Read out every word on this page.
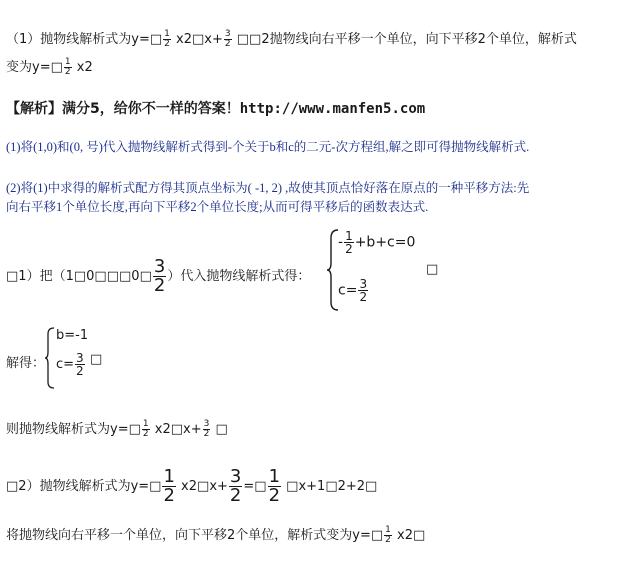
（1）抛物线解析式为y=□ $\frac{1}{2}$ x2□x+ $\frac{3}{2}$ □□2抛物线向右平移一个单位，向下平移2个单位，解析式
变为y=□ $\frac{1}{2} x2$
【解析】满分5，给你不一样的答案！http://www.manfen5.com
(1)将(1,0)和(0, 号)代入抛物线解析式得到-个关于b和c的二元-次方程组,解之即可得抛物线解析式.
(2)将(1)中求得的解析式配方得其顶点坐标为( -1, 2) ,故使其顶点恰好落在原点的一种平移方法:先
向右平移1个单位长度,再向下平移2个单位长度;从而可得平移后的函数表达式.
□1）把（1□0□□□0□ $\frac{3}{2}$ ）代入抛物线解析式得：
- $\frac{1}{2} +b+c=0$
$c= \frac{3}{2}$
□
解得：
b=-1
$c= \frac{3}{2}$ □
则抛物线解析式为y=□ $\frac{1}{2}$ x2□x+ $\frac{3}{2}$ □
□2）抛物线解析式为y=□ $\frac{1}{2}$ x2□x+ $\frac{3}{2}$ =□ $\frac{1}{2}$ □x+1□2+2□
将抛物线向右平移一个单位，向下平移2个单位，解析式变为y=□ $\frac{1}{2}$ x2□
